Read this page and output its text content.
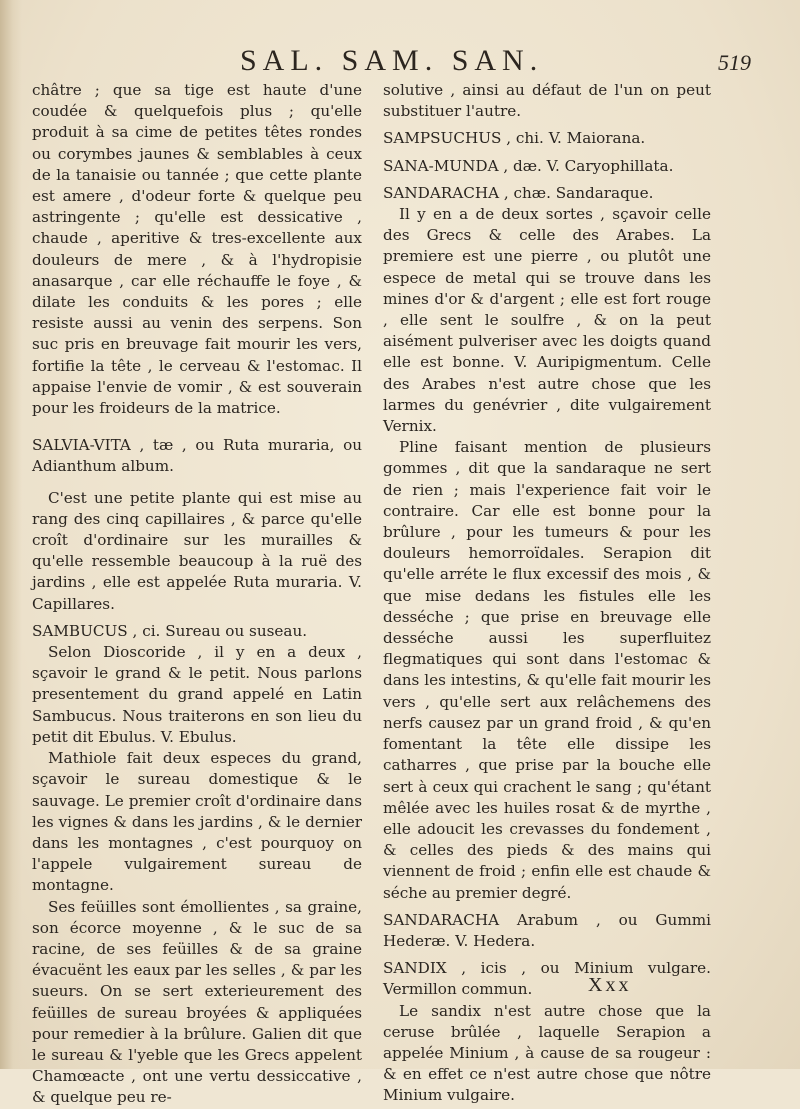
SAL. SAM. SAN.	519

châtre ; que sa tige est haute d'une coudée & quelquefois plus ; qu'elle produit à sa cime de petites têtes rondes ou corymbes jaunes & semblables à ceux de la tanaisie ou tannée ; que cette plante est amere , d'odeur forte & quelque peu astringente ; qu'elle est dessicative , chaude , aperitive & tres-excellente aux douleurs de mere , & à l'hydropisie anasarque , car elle réchauffe le foye , & dilate les conduits & les pores ; elle resiste aussi au venin des serpens. Son suc pris en breuvage fait mourir les vers, fortifie la tête , le cerveau & l'estomac. Il appaise l'envie de vomir , & est souverain pour les froideurs de la matrice.

SALVIA-VITA , tæ , ou Ruta muraria, ou Adianthum album.

C'est une petite plante qui est mise au rang des cinq capillaires , & parce qu'elle croît d'ordinaire sur les murailles & qu'elle ressemble beaucoup à la ruë des jardins , elle est appelée Ruta muraria. V. Capillares.

SAMBUCUS , ci. Sureau ou suseau.

Selon Dioscoride , il y en a deux , sçavoir le grand & le petit. Nous parlons presentement du grand appelé en Latin Sambucus. Nous traiterons en son lieu du petit dit Ebulus. V. Ebulus.

Mathiole fait deux especes du grand, sçavoir le sureau domestique & le sauvage. Le premier croît d'ordinaire dans les vignes & dans les jardins , & le dernier dans les montagnes , c'est pourquoy on l'appele vulgairement sureau de montagne.

Ses feüilles sont émollientes , sa graine, son écorce moyenne , & le suc de sa racine, de ses feüilles & de sa graine évacuënt les eaux par les selles , & par les sueurs. On se sert exterieurement des feüilles de sureau broyées & appliquées pour remedier à la brûlure. Galien dit que le sureau & l'yeble que les Grecs appelent Chamœacte , ont une vertu dessiccative , & quelque peu re-

solutive , ainsi au défaut de l'un on peut substituer l'autre.

SAMPSUCHUS , chi. V. Maiorana.

SANA-MUNDA , dæ. V. Caryophillata.

SANDARACHA , chæ. Sandaraque.

Il y en a de deux sortes , sçavoir celle des Grecs & celle des Arabes. La premiere est une pierre , ou plutôt une espece de metal qui se trouve dans les mines d'or & d'argent ; elle est fort rouge , elle sent le soulfre , & on la peut aisément pulveriser avec les doigts quand elle est bonne. V. Auripigmentum. Celle des Arabes n'est autre chose que les larmes du genévrier , dite vulgairement Vernix.

Pline faisant mention de plusieurs gommes , dit que la sandaraque ne sert de rien ; mais l'experience fait voir le contraire. Car elle est bonne pour la brûlure , pour les tumeurs & pour les douleurs hemorroïdales. Serapion dit qu'elle arréte le flux excessif des mois , & que mise dedans les fistules elle les desséche ; que prise en breuvage elle desséche aussi les superfluitez flegmatiques qui sont dans l'estomac & dans les intestins, & qu'elle fait mourir les vers , qu'elle sert aux relâchemens des nerfs causez par un grand froid , & qu'en fomentant la tête elle dissipe les catharres , que prise par la bouche elle sert à ceux qui crachent le sang ; qu'étant mêlée avec les huiles rosat & de myrthe , elle adoucit les crevasses du fondement , & celles des pieds & des mains qui viennent de froid ; enfin elle est chaude & séche au premier degré.

SANDARACHA Arabum , ou Gummi Hederæ. V. Hedera.

SANDIX , icis , ou Minium vulgare. Vermillon commun.

Le sandix n'est autre chose que la ceruse brûlée , laquelle Serapion a appelée Minium , à cause de sa rougeur : & en effet ce n'est autre chose que nôtre Minium vulgaire.

Xxx
